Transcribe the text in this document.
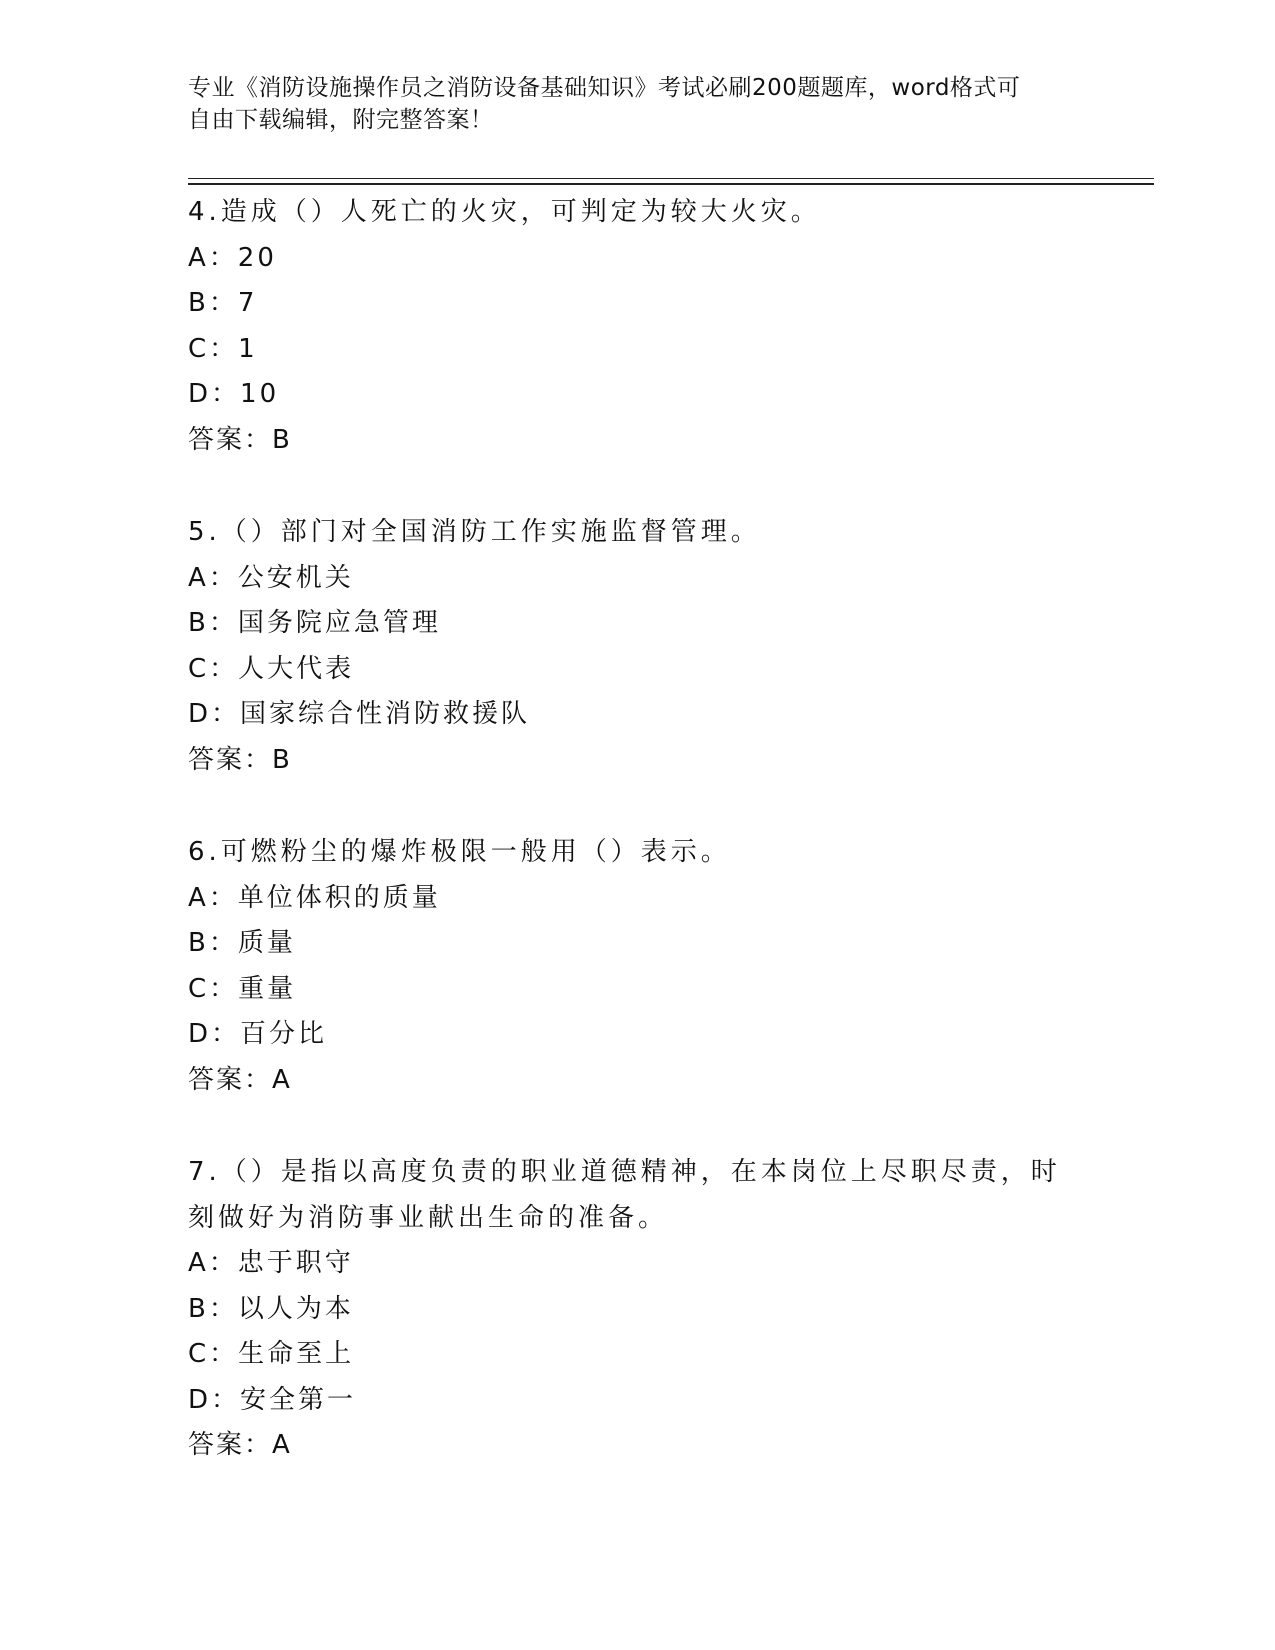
专业《消防设施操作员之消防设备基础知识》考试必刷200题题库，word格式可
自由下载编辑，附完整答案！
4.造成（）人死亡的火灾，可判定为较大火灾。
A：20
B：7
C：1
D：10
答案：B
5.（）部门对全国消防工作实施监督管理。
A：公安机关
B：国务院应急管理
C：人大代表
D：国家综合性消防救援队
答案：B
6.可燃粉尘的爆炸极限一般用（）表示。
A：单位体积的质量
B：质量
C：重量
D：百分比
答案：A
7.（）是指以高度负责的职业道德精神，在本岗位上尽职尽责，时刻做好为消防事业献出生命的准备。
A：忠于职守
B：以人为本
C：生命至上
D：安全第一
答案：A
